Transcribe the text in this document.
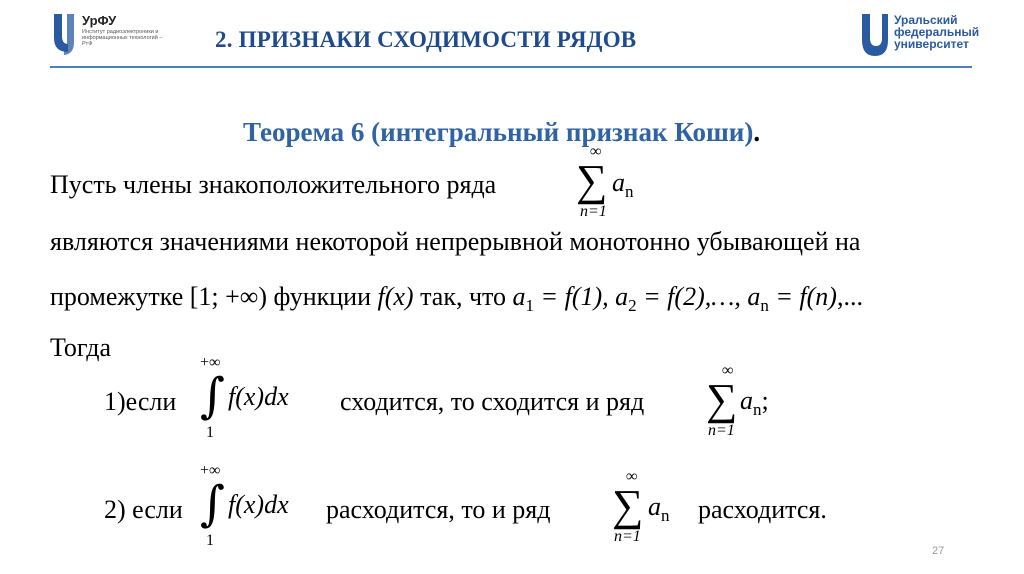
УрФУ
Институт радиоэлектроники и информационных технологий – РтФ	2. ПРИЗНАКИ СХОДИМОСТИ РЯДОВ
Уральский
федеральный
университет
Теорема 6 (интегральный признак Коши).
Пусть члены знакоположительного ряда
∞
∑ $a_n$
n=1
являются значениями некоторой непрерывной монотонно убывающей на
промежутке [1; +∞) функции f(x) так, что $a_1 = f(1)$, $a_2$ = f(2),…, $a_n = f(n)$,...
Тогда
1)если
+∞
∫ f(x)dx
1
сходится, то сходится и ряд
∞
∑ $a_n$;
n=1
2) если
+∞
∫ f(x)dx
1
расходится, то и ряд
∞
∑ $a_n$
n=1
расходится.
27
